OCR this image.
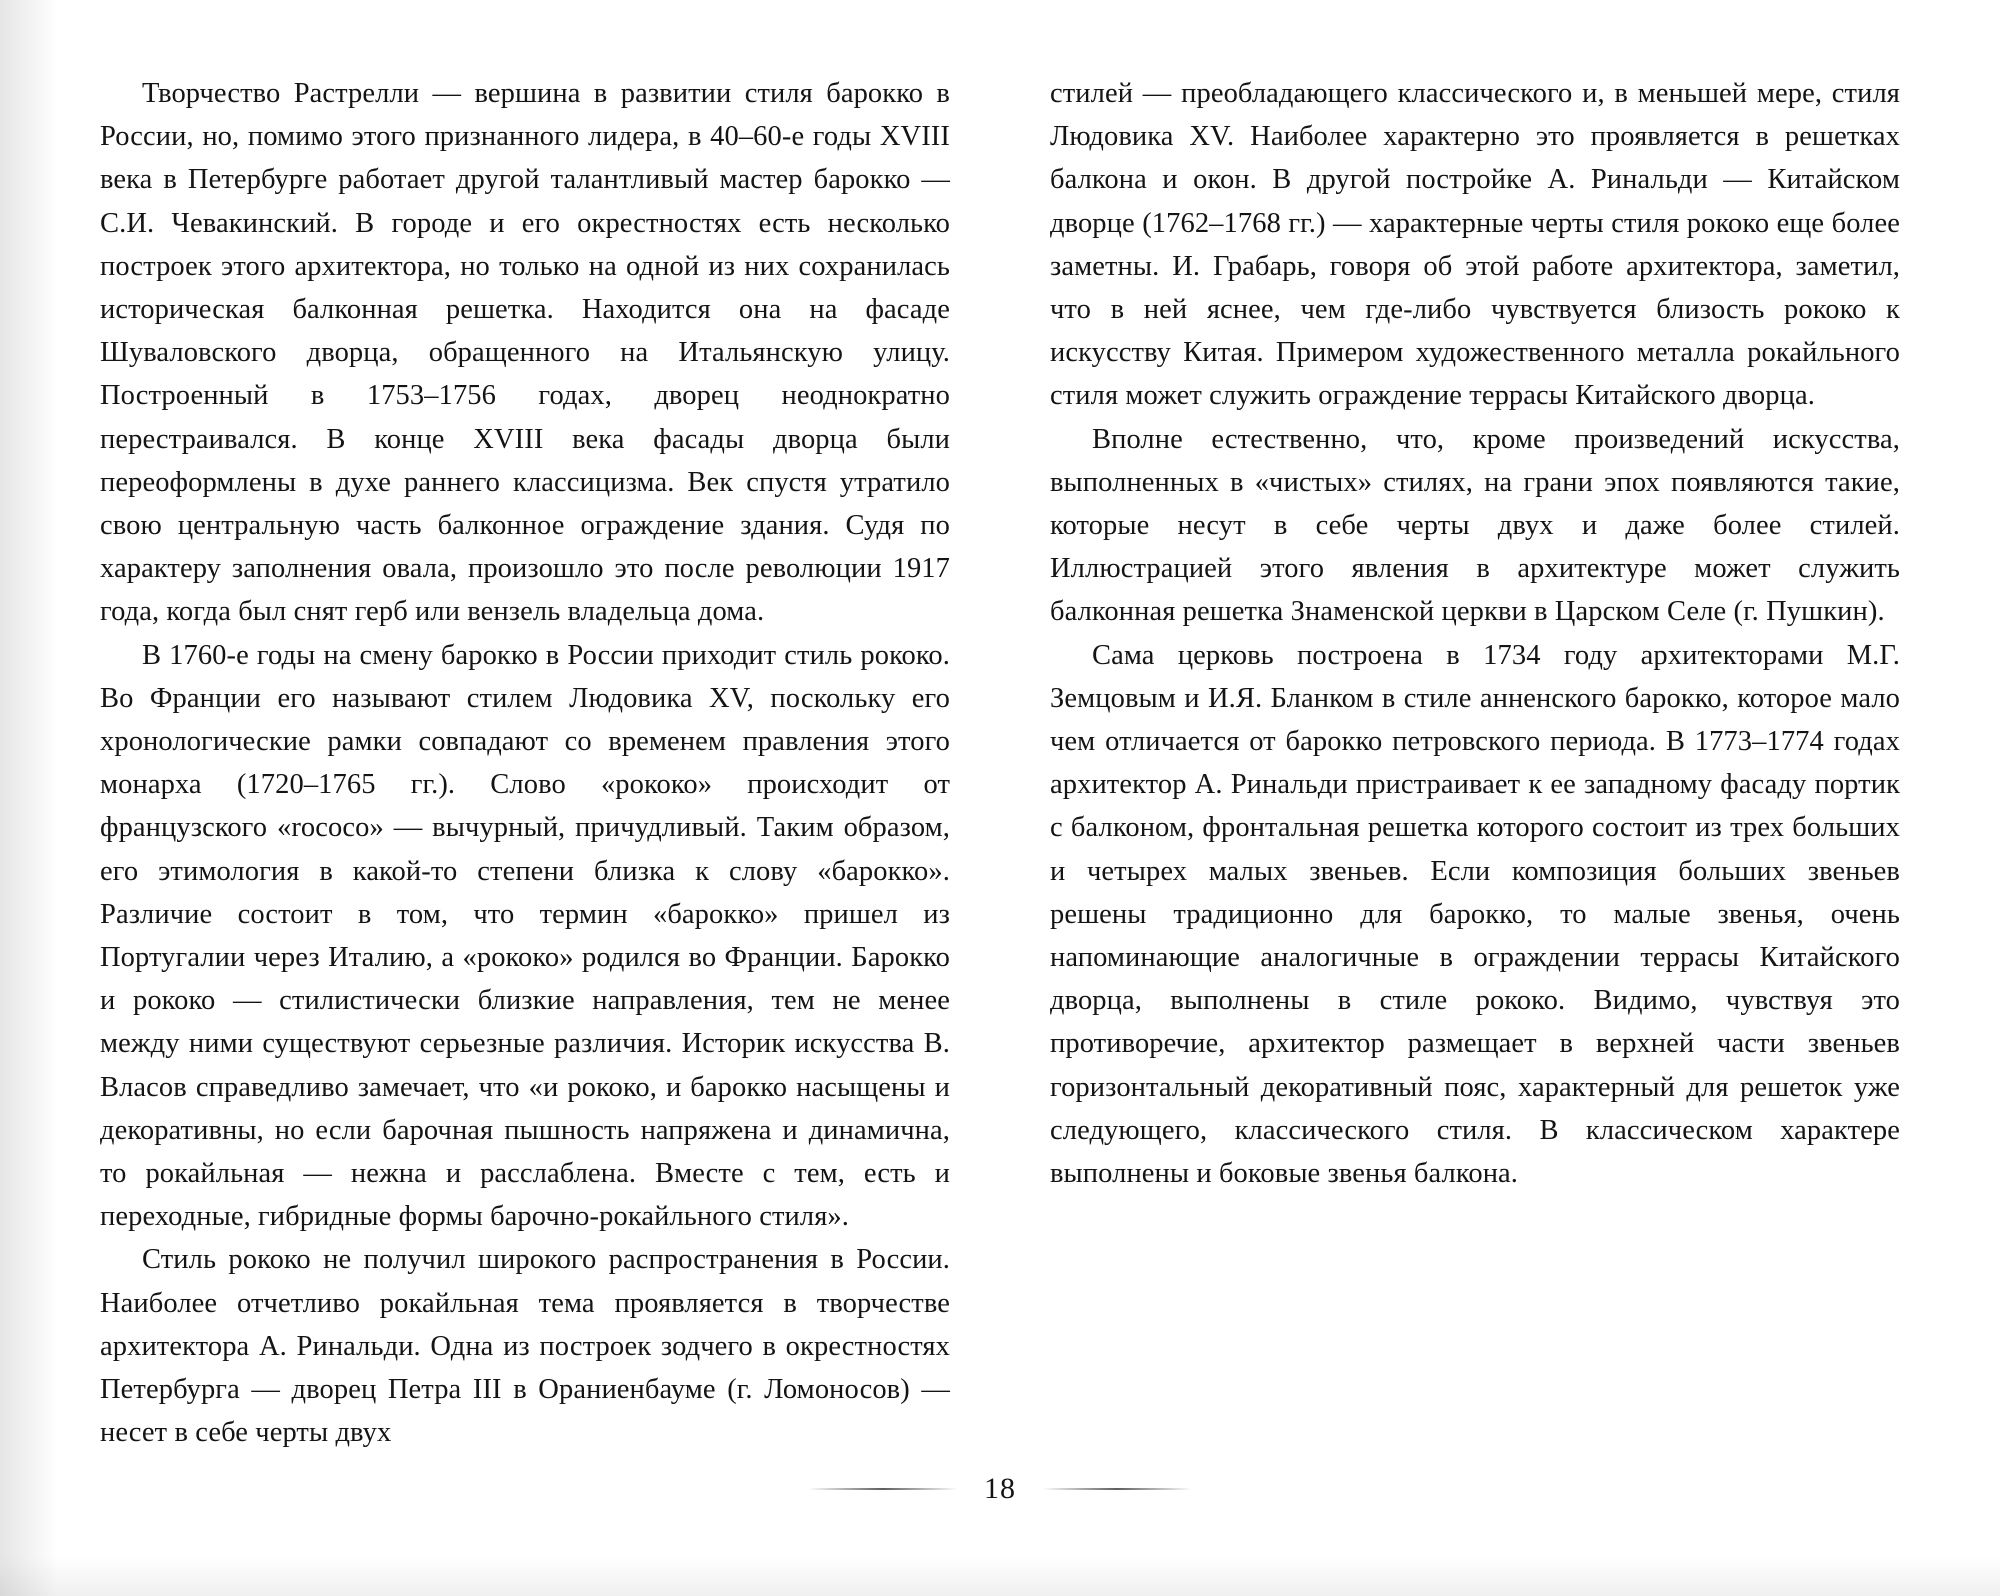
Творчество Растрелли — вершина в развитии стиля барокко в России, но, помимо этого признанного лидера, в 40–60-е годы XVIII века в Петербурге работает другой талантливый мастер барокко — С.И. Чевакинский. В городе и его окрестностях есть несколько построек этого архитектора, но только на одной из них сохранилась историческая балконная решетка. Находится она на фасаде Шуваловского дворца, обращенного на Итальянскую улицу. Построенный в 1753–1756 годах, дворец неоднократно перестраивался. В конце XVIII века фасады дворца были переоформлены в духе раннего классицизма. Век спустя утратило свою центральную часть балконное ограждение здания. Судя по характеру заполнения овала, произошло это после революции 1917 года, когда был снят герб или вензель владельца дома.

В 1760-е годы на смену барокко в России приходит стиль рококо. Во Франции его называют стилем Людовика XV, поскольку его хронологические рамки совпадают со временем правления этого монарха (1720–1765 гг.). Слово «рококо» происходит от французского «rococo» — вычурный, причудливый. Таким образом, его этимология в какой-то степени близка к слову «барокко». Различие состоит в том, что термин «барокко» пришел из Португалии через Италию, а «рококо» родился во Франции. Барокко и рококо — стилистически близкие направления, тем не менее между ними существуют серьезные различия. Историк искусства В. Власов справедливо замечает, что «и рококо, и барокко насыщены и декоративны, но если барочная пышность напряжена и динамична, то рокайльная — нежна и расслаблена. Вместе с тем, есть и переходные, гибридные формы барочно-рокайльного стиля».

Стиль рококо не получил широкого распространения в России. Наиболее отчетливо рокайльная тема проявляется в творчестве архитектора А. Ринальди. Одна из построек зодчего в окрестностях Петербурга — дворец Петра III в Ораниенбауме (г. Ломоносов) — несет в себе черты двух

стилей — преобладающего классического и, в меньшей мере, стиля Людовика XV. Наиболее характерно это проявляется в решетках балкона и окон. В другой постройке А. Ринальди — Китайском дворце (1762–1768 гг.) — характерные черты стиля рококо еще более заметны. И. Грабарь, говоря об этой работе архитектора, заметил, что в ней яснее, чем где-либо чувствуется близость рококо к искусству Китая. Примером художественного металла рокайльного стиля может служить ограждение террасы Китайского дворца.

Вполне естественно, что, кроме произведений искусства, выполненных в «чистых» стилях, на грани эпох появляются такие, которые несут в себе черты двух и даже более стилей. Иллюстрацией этого явления в архитектуре может служить балконная решетка Знаменской церкви в Царском Селе (г. Пушкин).

Сама церковь построена в 1734 году архитекторами М.Г. Земцовым и И.Я. Бланком в стиле анненского барокко, которое мало чем отличается от барокко петровского периода. В 1773–1774 годах архитектор А. Ринальди пристраивает к ее западному фасаду портик с балконом, фронтальная решетка которого состоит из трех больших и четырех малых звеньев. Если композиция больших звеньев решены традиционно для барокко, то малые звенья, очень напоминающие аналогичные в ограждении террасы Китайского дворца, выполнены в стиле рококо. Видимо, чувствуя это противоречие, архитектор размещает в верхней части звеньев горизонтальный декоративный пояс, характерный для решеток уже следующего, классического стиля. В классическом характере выполнены и боковые звенья балкона.

18
